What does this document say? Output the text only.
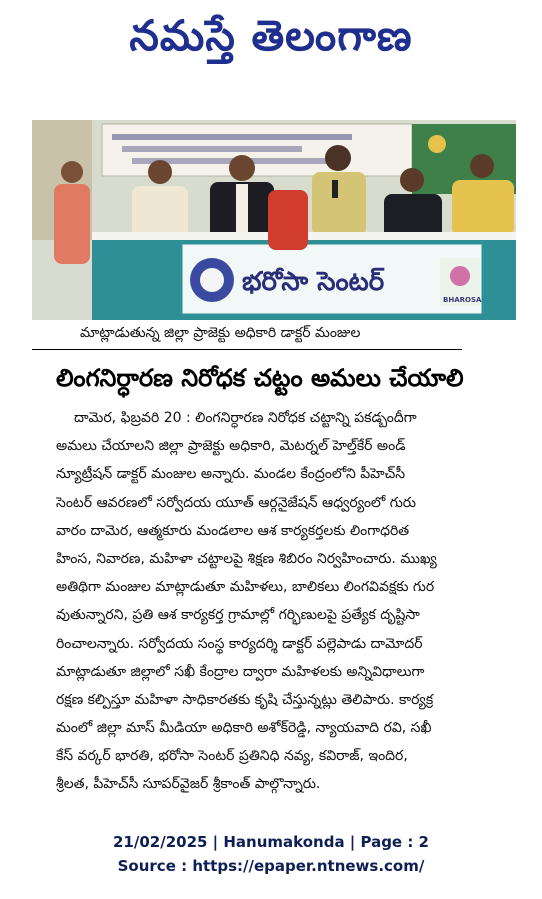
నమస్తే తెలంగాణ
భరోసా సెంటర్
BHAROSA
మాట్లాడుతున్న జిల్లా ప్రాజెక్టు అధికారి డాక్టర్ మంజుల
లింగనిర్ధారణ నిరోధక చట్టం అమలు చేయాలి
దామెర, ఫిబ్రవరి 20 : లింగనిర్ధారణ నిరోధక చట్టాన్ని పకడ్బందీగా
అమలు చేయాలని జిల్లా ప్రాజెక్టు అధికారి, మెటర్నల్ హెల్త్‌కేర్ అండ్
న్యూట్రీషన్ డాక్టర్ మంజుల అన్నారు. మండల కేంద్రంలోని పీహెచ్‌సీ
సెంటర్ ఆవరణలో సర్వోదయ యూత్ ఆర్గనైజేషన్ ఆధ్వర్యంలో గురు
వారం దామెర, ఆత్మకూరు మండలాల ఆశ కార్యకర్తలకు లింగాధరిత
హింస, నివారణ, మహిళా చట్టాలపై శిక్షణ శిబిరం నిర్వహించారు. ముఖ్య
అతిథిగా మంజుల మాట్లాడుతూ మహిళలు, బాలికలు లింగవివక్షకు గుర
వుతున్నారని, ప్రతి ఆశ కార్యకర్త గ్రామాల్లో గర్భిణులపై ప్రత్యేక దృష్టిసా
రించాలన్నారు. సర్వోదయ సంస్థ కార్యదర్శి డాక్టర్ పల్లెపాడు దామోదర్
మాట్లాడుతూ జిల్లాలో సఖీ కేంద్రాల ద్వారా మహిళలకు అన్నివిధాలుగా
రక్షణ కల్పిస్తూ మహిళా సాధికారతకు కృషి చేస్తున్నట్లు తెలిపారు. కార్యక్ర
మంలో జిల్లా మాస్ మీడియా అధికారి అశోక్‌రెడ్డి, న్యాయవాది రవి, సఖీ
కేస్ వర్కర్ భారతి, భరోసా సెంటర్ ప్రతినిధి నవ్య, కవిరాజ్, ఇందిర,
శ్రీలత, పీహెచ్‌సీ సూపర్‌వైజర్ శ్రీకాంత్ పాల్గొన్నారు.
21/02/2025 | Hanumakonda | Page : 2
Source : https://epaper.ntnews.com/
